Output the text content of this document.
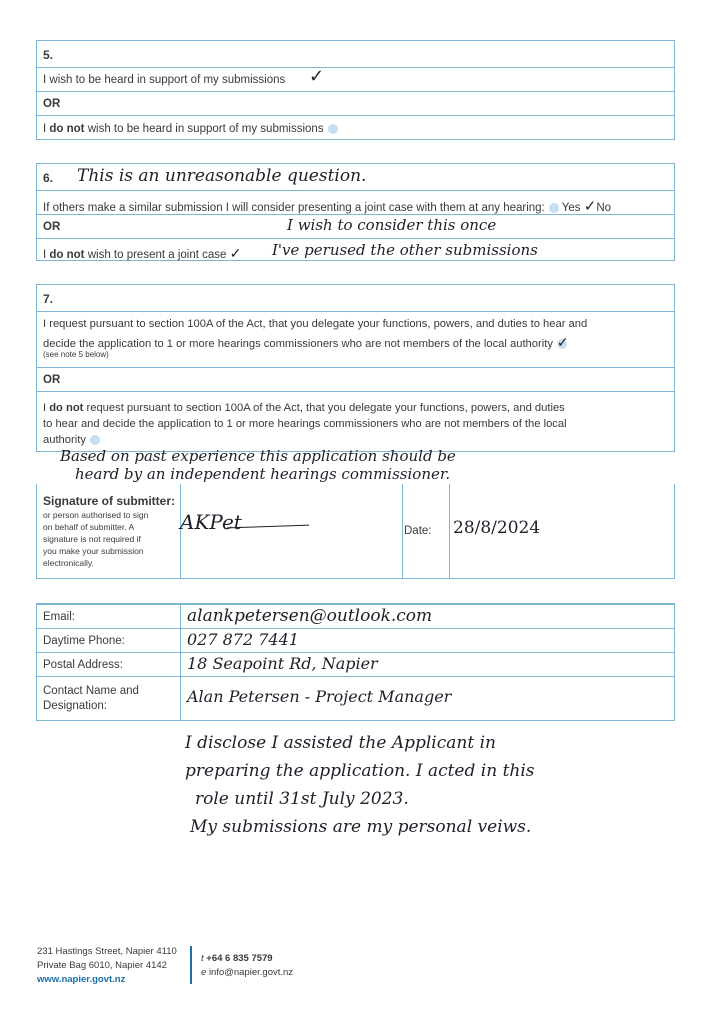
5.
I wish to be heard in support of my submissions ✓
OR
I do not wish to be heard in support of my submissions
6. This is an unreasonable question.
If others make a similar submission I will consider presenting a joint case with them at any hearing: Yes ✓No
OR	I wish to consider this once
I do not wish to present a joint case ✓ I've perused the other submissions
7.
I request pursuant to section 100A of the Act, that you delegate your functions, powers, and duties to hear and
decide the application to 1 or more hearings commissioners who are not members of the local authority ✓
(see note 5 below)
OR
I do not request pursuant to section 100A of the Act, that you delegate your functions, powers, and duties
to hear and decide the application to 1 or more hearings commissioners who are not members of the local
authority
Based on past experience this application should be
heard by an independent hearings commissioner.
Signature of submitter:
or person authorised to sign
on behalf of submitter. A
signature is not required if
you make your submission
electronically.
AKPet	Date: 28/8/2024
Email:	alankpetersen@outlook.com
Daytime Phone:	027 872 7441
Postal Address:	18 Seapoint Rd, Napier
Contact Name and
Designation:	Alan Petersen - Project Manager
I disclose I assisted the Applicant in
preparing the application. I acted in this
role until 31st July 2023.
My submissions are my personal veiws.
231 Hastings Street, Napier 4110
Private Bag 6010, Napier 4142
www.napier.govt.nz
t +64 6 835 7579
e info@napier.govt.nz
